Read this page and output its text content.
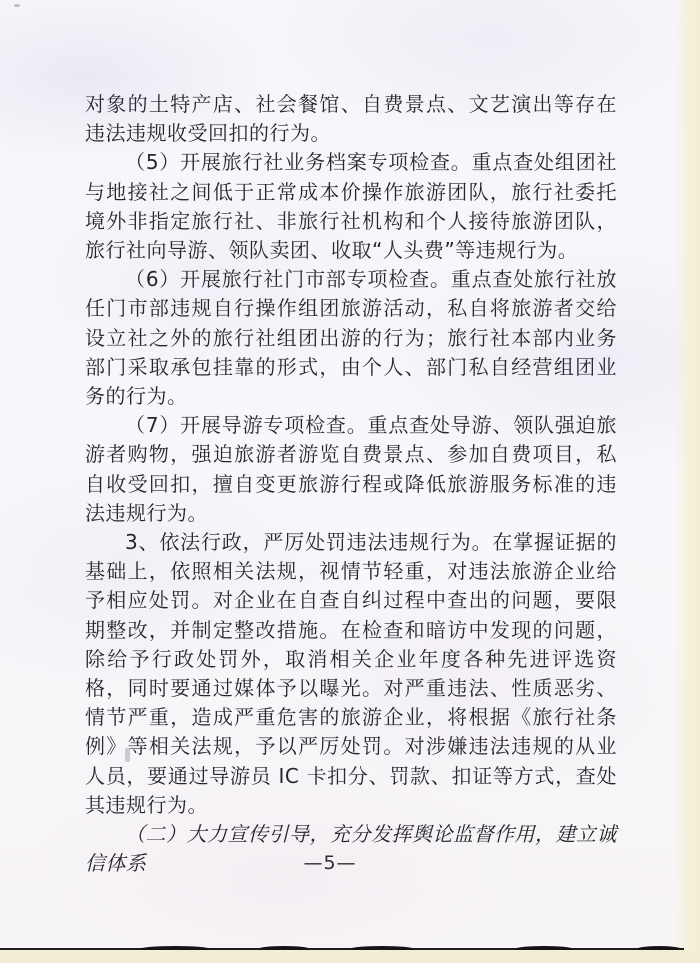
对象的土特产店、社会餐馆、自费景点、文艺演出等存在违法违规收受回扣的行为。

（5）开展旅行社业务档案专项检查。重点查处组团社与地接社之间低于正常成本价操作旅游团队，旅行社委托境外非指定旅行社、非旅行社机构和个人接待旅游团队，旅行社向导游、领队卖团、收取“人头费”等违规行为。

（6）开展旅行社门市部专项检查。重点查处旅行社放任门市部违规自行操作组团旅游活动，私自将旅游者交给设立社之外的旅行社组团出游的行为；旅行社本部内业务部门采取承包挂靠的形式，由个人、部门私自经营组团业务的行为。

（7）开展导游专项检查。重点查处导游、领队强迫旅游者购物，强迫旅游者游览自费景点、参加自费项目，私自收受回扣，擅自变更旅游行程或降低旅游服务标准的违法违规行为。

3、依法行政，严厉处罚违法违规行为。在掌握证据的基础上，依照相关法规，视情节轻重，对违法旅游企业给予相应处罚。对企业在自查自纠过程中查出的问题，要限期整改，并制定整改措施。在检查和暗访中发现的问题，除给予行政处罚外，取消相关企业年度各种先进评选资格，同时要通过媒体予以曝光。对严重违法、性质恶劣、情节严重，造成严重危害的旅游企业，将根据《旅行社条例》等相关法规，予以严厉处罚。对涉嫌违法违规的从业人员，要通过导游员 IC 卡扣分、罚款、扣证等方式，查处其违规行为。

（二）大力宣传引导，充分发挥舆论监督作用，建立诚信体系	—5—
